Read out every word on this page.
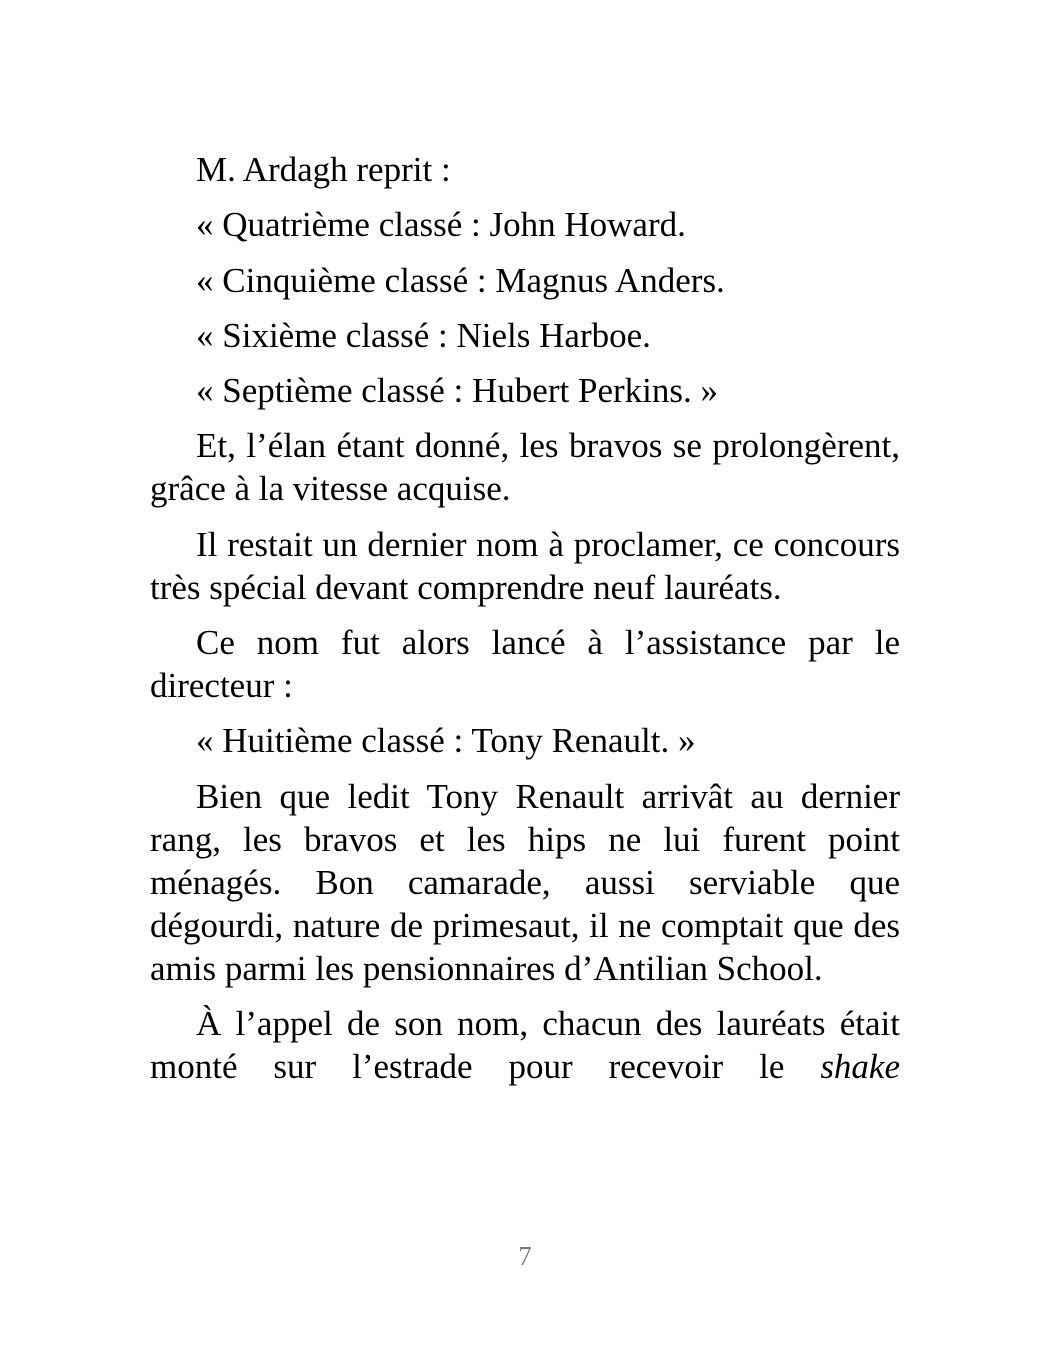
M. Ardagh reprit :

« Quatrième classé : John Howard.

« Cinquième classé : Magnus Anders.

« Sixième classé : Niels Harboe.

« Septième classé : Hubert Perkins. »

Et, l’élan étant donné, les bravos se prolongèrent, grâce à la vitesse acquise.

Il restait un dernier nom à proclamer, ce concours très spécial devant comprendre neuf lauréats.

Ce nom fut alors lancé à l’assistance par le directeur :

« Huitième classé : Tony Renault. »

Bien que ledit Tony Renault arrivât au dernier rang, les bravos et les hips ne lui furent point ménagés. Bon camarade, aussi serviable que dégourdi, nature de primesaut, il ne comptait que des amis parmi les pensionnaires d’Antilian School.

À l’appel de son nom, chacun des lauréats était monté sur l’estrade pour recevoir le shake

7
